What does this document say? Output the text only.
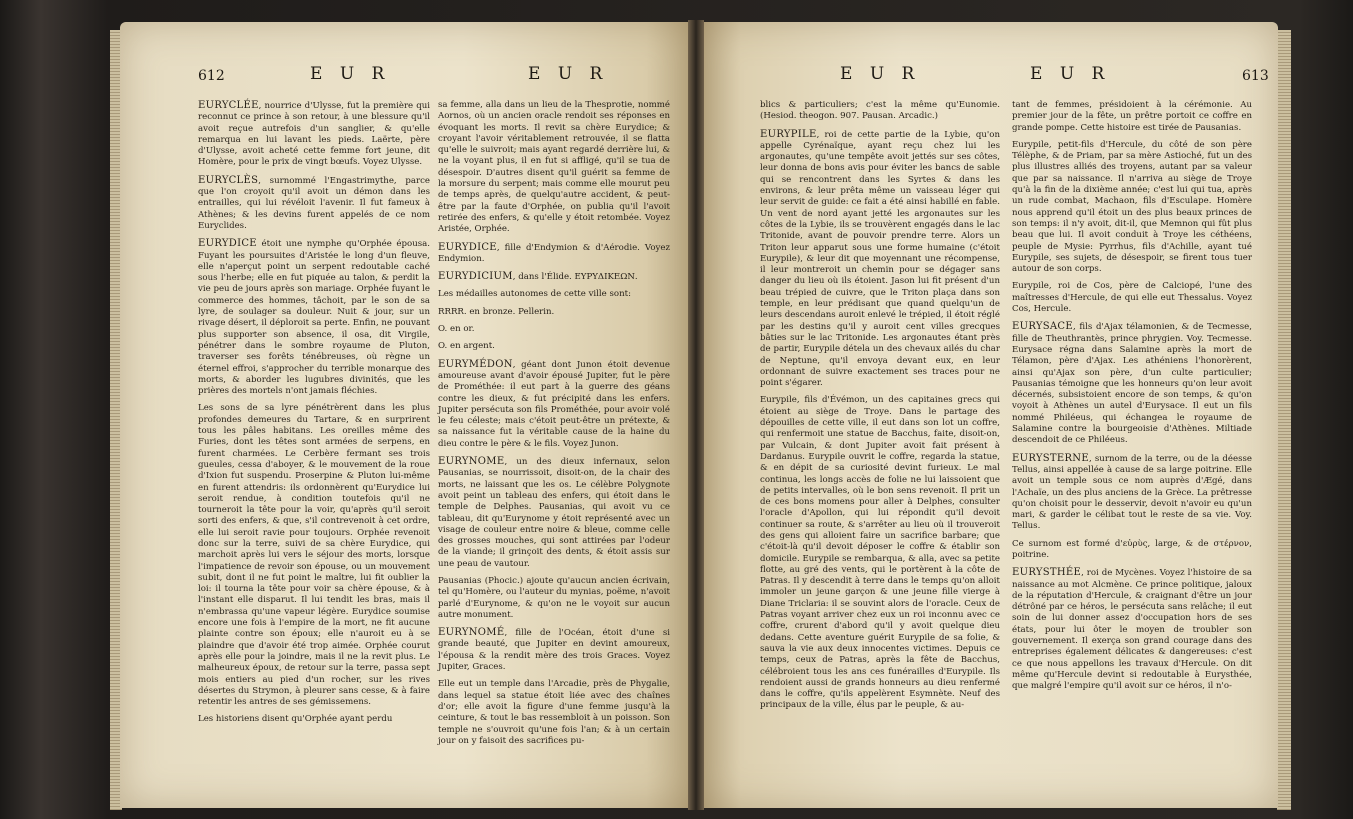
612	E U R	E U R

EURYCLÉE, nourrice d'Ulysse, fut la première qui reconnut ce prince à son retour, à une blessure qu'il avoit reçue autrefois d'un sanglier, & qu'elle remarqua en lui lavant les pieds. Laërte, père d'Ulysse, avoit acheté cette femme fort jeune, dit Homère, pour le prix de vingt bœufs. Voyez Ulysse.

EURYCLÈS, surnommé l'Engastrimythe, parce que l'on croyoit qu'il avoit un démon dans les entrailles, qui lui révéloit l'avenir. Il fut fameux à Athènes; & les devins furent appelés de ce nom Euryclides.

EURYDICE étoit une nymphe qu'Orphée épousa. Fuyant les poursuites d'Aristée le long d'un fleuve, elle n'aperçut point un serpent redoutable caché sous l'herbe; elle en fut piquée au talon, & perdit la vie peu de jours après son mariage. Orphée fuyant le commerce des hommes, tâchoit, par le son de sa lyre, de soulager sa douleur. Nuit & jour, sur un rivage désert, il déploroit sa perte. Enfin, ne pouvant plus supporter son absence, il osa, dit Virgile, pénétrer dans le sombre royaume de Pluton, traverser ses forêts ténébreuses, où règne un éternel effroi, s'approcher du terrible monarque des morts, & aborder les lugubres divinités, que les prières des mortels n'ont jamais fléchies.

Les sons de sa lyre pénétrèrent dans les plus profondes demeures du Tartare, & en surprirent tous les pâles habitans. Les oreilles même des Furies, dont les têtes sont armées de serpens, en furent charmées. Le Cerbère fermant ses trois gueules, cessa d'aboyer, & le mouvement de la roue d'Ixion fut suspendu. Proserpine & Pluton lui-même en furent attendris: ils ordonnèrent qu'Eurydice lui seroit rendue, à condition toutefois qu'il ne tourneroit la tête pour la voir, qu'après qu'il seroit sorti des enfers, & que, s'il contrevenoit à cet ordre, elle lui seroit ravie pour toujours. Orphée revenoit donc sur la terre, suivi de sa chère Eurydice, qui marchoit après lui vers le séjour des morts, lorsque l'impatience de revoir son épouse, ou un mouvement subit, dont il ne fut point le maître, lui fit oublier la loi: il tourna la tête pour voir sa chère épouse, & à l'instant elle disparut. Il lui tendit les bras, mais il n'embrassa qu'une vapeur légère. Eurydice soumise encore une fois à l'empire de la mort, ne fit aucune plainte contre son époux; elle n'auroit eu à se plaindre que d'avoir été trop aimée. Orphée courut après elle pour la joindre, mais il ne la revit plus. Le malheureux époux, de retour sur la terre, passa sept mois entiers au pied d'un rocher, sur les rives désertes du Strymon, à pleurer sans cesse, & à faire retentir les antres de ses gémissemens.

Les historiens disent qu'Orphée ayant perdu

sa femme, alla dans un lieu de la Thesprotie, nommé Aornos, où un ancien oracle rendoit ses réponses en évoquant les morts. Il revit sa chère Eurydice; & croyant l'avoir véritablement retrouvée, il se flatta qu'elle le suivroit; mais ayant regardé derrière lui, & ne la voyant plus, il en fut si affligé, qu'il se tua de désespoir. D'autres disent qu'il guérit sa femme de la morsure du serpent; mais comme elle mourut peu de temps après, de quelqu'autre accident, & peut-être par la faute d'Orphée, on publia qu'il l'avoit retirée des enfers, & qu'elle y étoit retombée. Voyez Aristée, Orphée.

EURYDICE, fille d'Endymion & d'Aérodie. Voyez Endymion.

EURYDICIUM, dans l'Élide. ΕΥΡΥΔΙΚΕΩΝ.

Les médailles autonomes de cette ville sont:

RRRR. en bronze. Pellerin.

O. en or.

O. en argent.

EURYMÉDON, géant dont Junon étoit devenue amoureuse avant d'avoir épousé Jupiter, fut le père de Prométhée: il eut part à la guerre des géans contre les dieux, & fut précipité dans les enfers. Jupiter persécuta son fils Prométhée, pour avoir volé le feu céleste; mais c'étoit peut-être un prétexte, & sa naissance fut la véritable cause de la haine du dieu contre le père & le fils. Voyez Junon.

EURYNOME, un des dieux infernaux, selon Pausanias, se nourrissoit, disoit-on, de la chair des morts, ne laissant que les os. Le célèbre Polygnote avoit peint un tableau des enfers, qui étoit dans le temple de Delphes. Pausanias, qui avoit vu ce tableau, dit qu'Eurynome y étoit représenté avec un visage de couleur entre noire & bleue, comme celle des grosses mouches, qui sont attirées par l'odeur de la viande; il grinçoit des dents, & étoit assis sur une peau de vautour.

Pausanias (Phocic.) ajoute qu'aucun ancien écrivain, tel qu'Homère, ou l'auteur du mynias, poëme, n'avoit parlé d'Eurynome, & qu'on ne le voyoit sur aucun autre monument.

EURYNOMÉ, fille de l'Océan, étoit d'une si grande beauté, que Jupiter en devint amoureux, l'épousa & la rendit mère des trois Graces. Voyez Jupiter, Graces.

Elle eut un temple dans l'Arcadie, près de Phygalie, dans lequel sa statue étoit liée avec des chaînes d'or; elle avoit la figure d'une femme jusqu'à la ceinture, & tout le bas ressembloit à un poisson. Son temple ne s'ouvroit qu'une fois l'an; & à un certain jour on y faisoit des sacrifices pu-

E U R	E U R	613

blics & particuliers; c'est la même qu'Eunomie. (Hesiod. theogon. 907. Pausan. Arcadic.)

EURYPILE, roi de cette partie de la Lybie, qu'on appelle Cyrénaïque, ayant reçu chez lui les argonautes, qu'une tempête avoit jettés sur ses côtes, leur donna de bons avis pour éviter les bancs de sable qui se rencontrent dans les Syrtes & dans les environs, & leur prêta même un vaisseau léger qui leur servit de guide: ce fait a été ainsi habillé en fable. Un vent de nord ayant jetté les argonautes sur les côtes de la Lybie, ils se trouvèrent engagés dans le lac Tritonide, avant de pouvoir prendre terre. Alors un Triton leur apparut sous une forme humaine (c'étoit Eurypile), & leur dit que moyennant une récompense, il leur montreroit un chemin pour se dégager sans danger du lieu où ils étoient. Jason lui fit présent d'un beau trépied de cuivre, que le Triton plaça dans son temple, en leur prédisant que quand quelqu'un de leurs descendans auroit enlevé le trépied, il étoit réglé par les destins qu'il y auroit cent villes grecques bâties sur le lac Tritonide. Les argonautes étant près de partir, Eurypile détela un des chevaux ailés du char de Neptune, qu'il envoya devant eux, en leur ordonnant de suivre exactement ses traces pour ne point s'égarer.

Eurypile, fils d'Évémon, un des capitaines grecs qui étoient au siège de Troye. Dans le partage des dépouilles de cette ville, il eut dans son lot un coffre, qui renfermoit une statue de Bacchus, faite, disoit-on, par Vulcain, & dont Jupiter avoit fait présent à Dardanus. Eurypile ouvrit le coffre, regarda la statue, & en dépit de sa curiosité devint furieux. Le mal continua, les longs accès de folie ne lui laissoient que de petits intervalles, où le bon sens revenoit. Il prit un de ces bons momens pour aller à Delphes, consulter l'oracle d'Apollon, qui lui répondit qu'il devoit continuer sa route, & s'arrêter au lieu où il trouveroit des gens qui alloient faire un sacrifice barbare; que c'étoit-là qu'il devoit déposer le coffre & établir son domicile. Eurypile se rembarqua, & alla, avec sa petite flotte, au gré des vents, qui le portèrent à la côte de Patras. Il y descendit à terre dans le temps qu'on alloit immoler un jeune garçon & une jeune fille vierge à Diane Triclaria: il se souvint alors de l'oracle. Ceux de Patras voyant arriver chez eux un roi inconnu avec ce coffre, crurent d'abord qu'il y avoit quelque dieu dedans. Cette aventure guérit Eurypile de sa folie, & sauva la vie aux deux innocentes victimes. Depuis ce temps, ceux de Patras, après la fête de Bacchus, célébroient tous les ans ces funérailles d'Eurypile. Ils rendoient aussi de grands honneurs au dieu renfermé dans le coffre, qu'ils appelèrent Esymnète. Neuf des principaux de la ville, élus par le peuple, & au-

tant de femmes, présidoient à la cérémonie. Au premier jour de la fête, un prêtre portoit ce coffre en grande pompe. Cette histoire est tirée de Pausanias.

Eurypile, petit-fils d'Hercule, du côté de son père Télèphe, & de Priam, par sa mère Astioché, fut un des plus illustres alliés des troyens, autant par sa valeur que par sa naissance. Il n'arriva au siège de Troye qu'à la fin de la dixième année; c'est lui qui tua, après un rude combat, Machaon, fils d'Esculape. Homère nous apprend qu'il étoit un des plus beaux princes de son temps: il n'y avoit, dit-il, que Memnon qui fût plus beau que lui. Il avoit conduit à Troye les céthéens, peuple de Mysie: Pyrrhus, fils d'Achille, ayant tué Eurypile, ses sujets, de désespoir, se firent tous tuer autour de son corps.

Eurypile, roi de Cos, père de Calciopé, l'une des maîtresses d'Hercule, de qui elle eut Thessalus. Voyez Cos, Hercule.

EURYSACE, fils d'Ajax télamonien, & de Tecmesse, fille de Theuthrantès, prince phrygien. Voy. Tecmesse. Eurysace régna dans Salamine après la mort de Télamon, père d'Ajax. Les athéniens l'honorèrent, ainsi qu'Ajax son père, d'un culte particulier; Pausanias témoigne que les honneurs qu'on leur avoit décernés, subsistoient encore de son temps, & qu'on voyoit à Athènes un autel d'Eurysace. Il eut un fils nommé Philéeus, qui échangea le royaume de Salamine contre la bourgeoisie d'Athènes. Miltiade descendoit de ce Philéeus.

EURYSTERNE, surnom de la terre, ou de la déesse Tellus, ainsi appellée à cause de sa large poitrine. Elle avoit un temple sous ce nom auprès d'Ægé, dans l'Achaïe, un des plus anciens de la Grèce. La prêtresse qu'on choisit pour le desservir, devoit n'avoir eu qu'un mari, & garder le célibat tout le reste de sa vie. Voy. Tellus.

Ce surnom est formé d'εὐρὺς, large, & de στέρνον, poitrine.

EURYSTHÉE, roi de Mycènes. Voyez l'histoire de sa naissance au mot Alcmène. Ce prince politique, jaloux de la réputation d'Hercule, & craignant d'être un jour détrôné par ce héros, le persécuta sans relâche; il eut soin de lui donner assez d'occupation hors de ses états, pour lui ôter le moyen de troubler son gouvernement. Il exerça son grand courage dans des entreprises également délicates & dangereuses: c'est ce que nous appellons les travaux d'Hercule. On dit même qu'Hercule devint si redoutable à Eurysthée, que malgré l'empire qu'il avoit sur ce héros, il n'o-
